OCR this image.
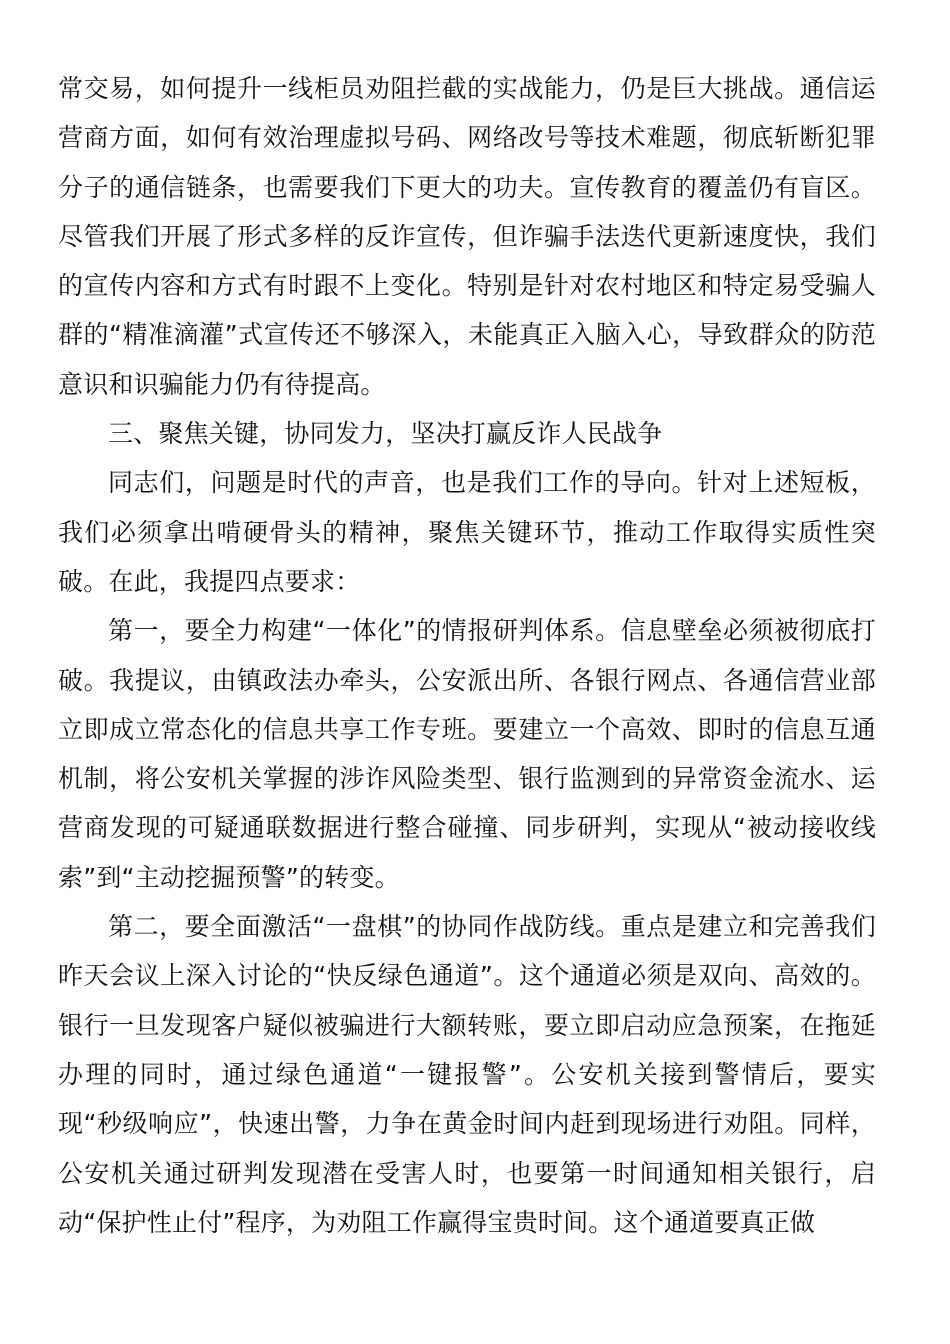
常交易，如何提升一线柜员劝阻拦截的实战能力，仍是巨大挑战。通信运营商方面，如何有效治理虚拟号码、网络改号等技术难题，彻底斩断犯罪分子的通信链条，也需要我们下更大的功夫。宣传教育的覆盖仍有盲区。尽管我们开展了形式多样的反诈宣传，但诈骗手法迭代更新速度快，我们的宣传内容和方式有时跟不上变化。特别是针对农村地区和特定易受骗人群的“精准滴灌”式宣传还不够深入，未能真正入脑入心，导致群众的防范意识和识骗能力仍有待提高。

三、聚焦关键，协同发力，坚决打赢反诈人民战争

同志们，问题是时代的声音，也是我们工作的导向。针对上述短板，我们必须拿出啃硬骨头的精神，聚焦关键环节，推动工作取得实质性突破。在此，我提四点要求：

第一，要全力构建“一体化”的情报研判体系。信息壁垒必须被彻底打破。我提议，由镇政法办牵头，公安派出所、各银行网点、各通信营业部立即成立常态化的信息共享工作专班。要建立一个高效、即时的信息互通机制，将公安机关掌握的涉诈风险类型、银行监测到的异常资金流水、运营商发现的可疑通联数据进行整合碰撞、同步研判，实现从“被动接收线索”到“主动挖掘预警”的转变。

第二，要全面激活“一盘棋”的协同作战防线。重点是建立和完善我们昨天会议上深入讨论的“快反绿色通道”。这个通道必须是双向、高效的。银行一旦发现客户疑似被骗进行大额转账，要立即启动应急预案，在拖延办理的同时，通过绿色通道“一键报警”。公安机关接到警情后，要实现“秒级响应”，快速出警，力争在黄金时间内赶到现场进行劝阻。同样，公安机关通过研判发现潜在受害人时，也要第一时间通知相关银行，启动“保护性止付”程序，为劝阻工作赢得宝贵时间。这个通道要真正做
